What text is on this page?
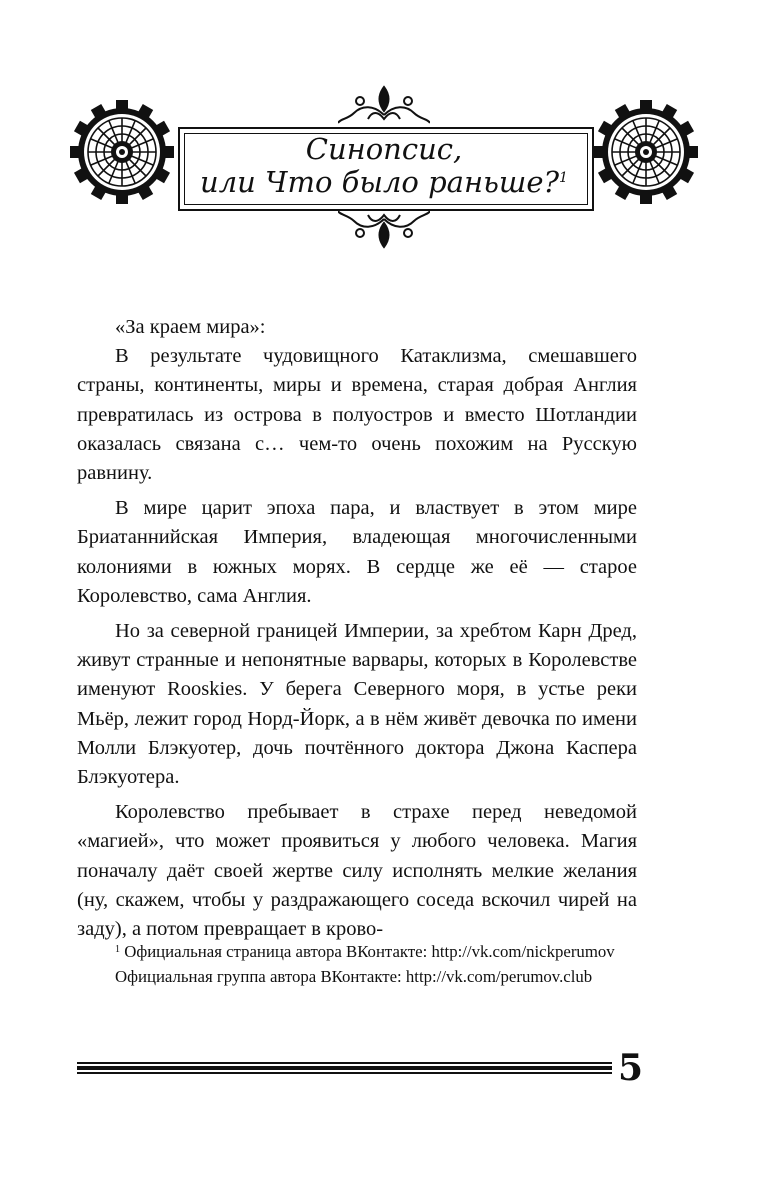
Синопсис,
или Что было раньше?$^1$

«За краем мира»:

В результате чудовищного Катаклизма, смешавшего страны, континенты, миры и времена, старая добрая Англия превратилась из острова в полуостров и вместо Шотландии оказалась связана с… чем-то очень похожим на Русскую равнину.

В мире царит эпоха пара, и властвует в этом мире Бриатаннийская Империя, владеющая многочисленными колониями в южных морях. В сердце же её — старое Королевство, сама Англия.

Но за северной границей Империи, за хребтом Карн Дред, живут странные и непонятные варвары, которых в Королевстве именуют Rooskies. У берега Северного моря, в устье реки Мьёр, лежит город Норд-Йорк, а в нём живёт девочка по имени Молли Блэкуотер, дочь почтённого доктора Джона Каспера Блэкуотера.

Королевство пребывает в страхе перед неведомой «магией», что может проявиться у любого человека. Магия поначалу даёт своей жертве силу исполнять мелкие желания (ну, скажем, чтобы у раздражающего соседа вскочил чирей на заду), а потом превращает в крово-

$^1$ Официальная страница автора ВКонтакте: http://vk.com/nickperumov

Официальная группа автора ВКонтакте: http://vk.com/perumov.club

5
